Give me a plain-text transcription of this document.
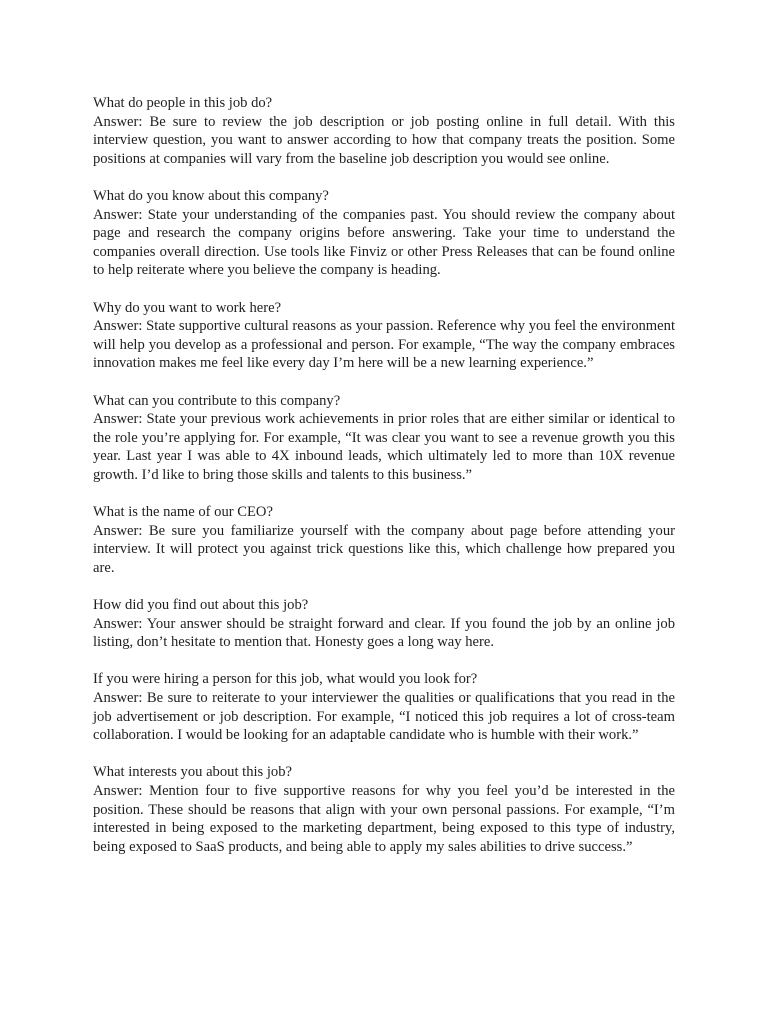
What do people in this job do?

Answer: Be sure to review the job description or job posting online in full detail. With this interview question, you want to answer according to how that company treats the position. Some positions at companies will vary from the baseline job description you would see online.

What do you know about this company?

Answer: State your understanding of the companies past. You should review the company about page and research the company origins before answering. Take your time to understand the companies overall direction. Use tools like Finviz or other Press Releases that can be found online to help reiterate where you believe the company is heading.

Why do you want to work here?

Answer: State supportive cultural reasons as your passion. Reference why you feel the environment will help you develop as a professional and person. For example, “The way the company embraces innovation makes me feel like every day I’m here will be a new learning experience.”

What can you contribute to this company?

Answer: State your previous work achievements in prior roles that are either similar or identical to the role you’re applying for. For example, “It was clear you want to see a revenue growth you this year. Last year I was able to 4X inbound leads, which ultimately led to more than 10X revenue growth. I’d like to bring those skills and talents to this business.”

What is the name of our CEO?

Answer: Be sure you familiarize yourself with the company about page before attending your interview. It will protect you against trick questions like this, which challenge how prepared you are.

How did you find out about this job?

Answer: Your answer should be straight forward and clear. If you found the job by an online job listing, don’t hesitate to mention that. Honesty goes a long way here.

If you were hiring a person for this job, what would you look for?

Answer: Be sure to reiterate to your interviewer the qualities or qualifications that you read in the job advertisement or job description. For example, “I noticed this job requires a lot of cross-team collaboration. I would be looking for an adaptable candidate who is humble with their work.”

What interests you about this job?

Answer: Mention four to five supportive reasons for why you feel you’d be interested in the position. These should be reasons that align with your own personal passions. For example, “I’m interested in being exposed to the marketing department, being exposed to this type of industry, being exposed to SaaS products, and being able to apply my sales abilities to drive success.”
